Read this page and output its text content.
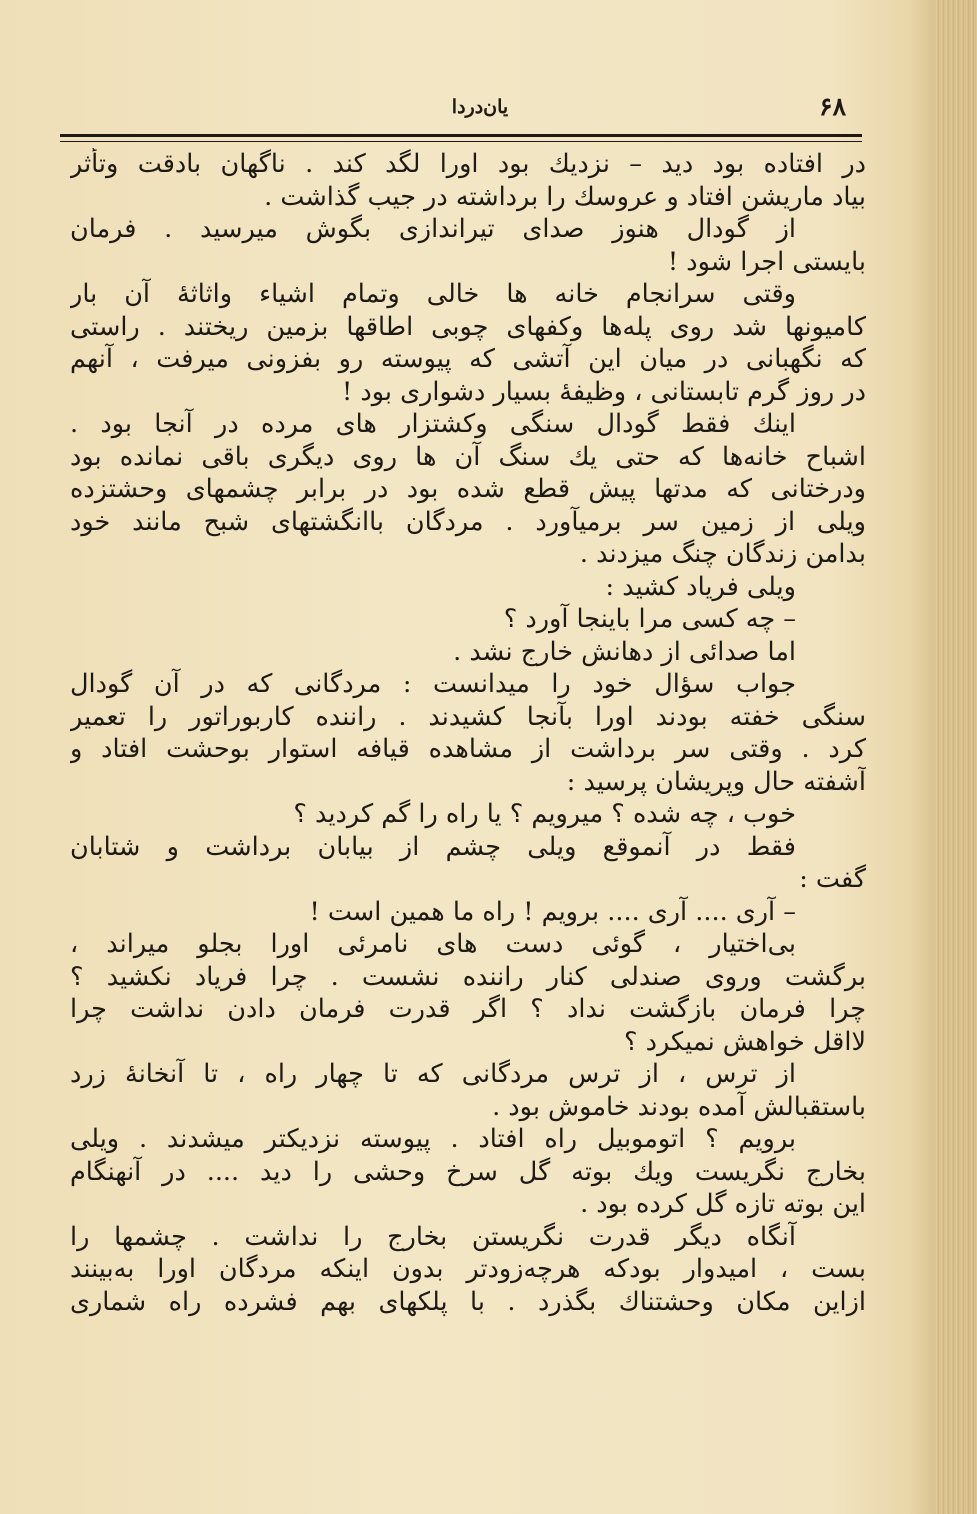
یان‌دردا	۶۸
در افتاده بود دید – نزدیك بود اورا لگد کند . ناگهان بادقت وتأثر
بیاد ماریشن افتاد و عروسك را برداشته در جیب گذاشت .
از گودال هنوز صدای تیراندازی بگوش میرسید . فرمان
بایستی اجرا شود !
وقتی سرانجام خانه ها خالی وتمام اشیاء واثاثهٔ آن بار
کامیونها شد روی پله‌ها وکفهای چوبی اطاقها بزمین ریختند . راستی
که نگهبانی در میان این آتشی که پیوسته رو بفزونی میرفت ، آنهم
در روز گرم تابستانی ، وظیفهٔ بسیار دشواری بود !
اینك فقط گودال سنگی وکشتزار های مرده در آنجا بود .
اشباح خانه‌ها که حتی یك سنگ آن ها روی دیگری باقی نمانده بود
ودرختانی که مدتها پیش قطع شده بود در برابر چشمهای وحشتزده
ویلی از زمین سر برمیآورد . مردگان باانگشتهای شبح مانند خود
بدامن زندگان چنگ میزدند .
ویلی فریاد کشید :
– چه کسی مرا باینجا آورد ؟
اما صدائی از دهانش خارج نشد .
جواب سؤال خود را میدانست : مردگانی که در آن گودال
سنگی خفته بودند اورا بآنجا کشیدند . راننده کاربوراتور را تعمیر
کرد . وقتی سر برداشت از مشاهده قیافه استوار بوحشت افتاد و
آشفته حال وپریشان پرسید :
خوب ، چه شده ؟ میرویم ؟ یا راه را گم کردید ؟
فقط در آنموقع ویلی چشم از بیابان برداشت و شتابان
گفت :
– آری .... آری .... برویم ! راه ما همین است !
بی‌اختیار ، گوئی دست های نامرئی اورا بجلو میراند ،
برگشت وروی صندلی کنار راننده نشست . چرا فریاد نکشید ؟
چرا فرمان بازگشت نداد ؟ اگر قدرت فرمان دادن نداشت چرا
لااقل خواهش نمیکرد ؟
از ترس ، از ترس مردگانی که تا چهار راه ، تا آنخانهٔ زرد
باستقبالش آمده بودند خاموش بود .
برویم ؟ اتوموبیل راه افتاد . پیوسته نزدیکتر میشدند . ویلی
بخارج نگریست ویك بوته گل سرخ وحشی را دید .... در آنهنگام
این بوته تازه گل کرده بود .
آنگاه دیگر قدرت نگریستن بخارج را نداشت . چشمها را
بست ، امیدوار بودکه هرچه‌زودتر بدون اینکه مردگان اورا به‌بینند
ازاین مکان وحشتناك بگذرد . با پلکهای بهم فشرده راه شماری
